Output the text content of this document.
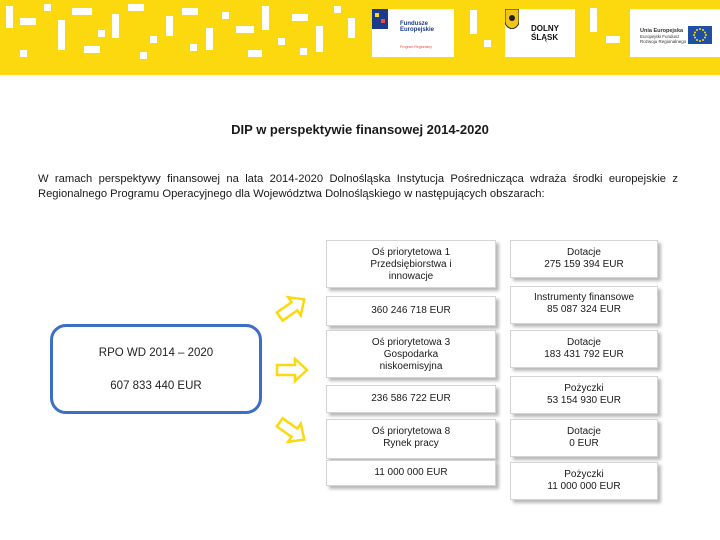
Fundusze
Europejskie
Program Regionalny
DOLNY
ŚLĄSK
Unia Europejska
Europejski Fundusz
Rozwoju Regionalnego
DIP w perspektywie finansowej 2014-2020
W ramach perspektywy finansowej na lata 2014-2020 Dolnośląska Instytucja Pośrednicząca wdraża środki europejskie z Regionalnego Programu Operacyjnego dla Województwa Dolnośląskiego w następujących obszarach:
RPO WD 2014 – 2020
607 833 440 EUR
Oś priorytetowa 1
Przedsiębiorstwa i
innowacje
360 246 718 EUR
Dotacje
275 159 394 EUR
Instrumenty finansowe
85 087 324 EUR
Oś priorytetowa 3
Gospodarka
niskoemisyjna
236 586 722 EUR
Dotacje
183 431 792 EUR
Pożyczki
53 154 930 EUR
Oś priorytetowa 8
Rynek pracy
11 000 000 EUR
Dotacje
0 EUR
Pożyczki
11 000 000 EUR
